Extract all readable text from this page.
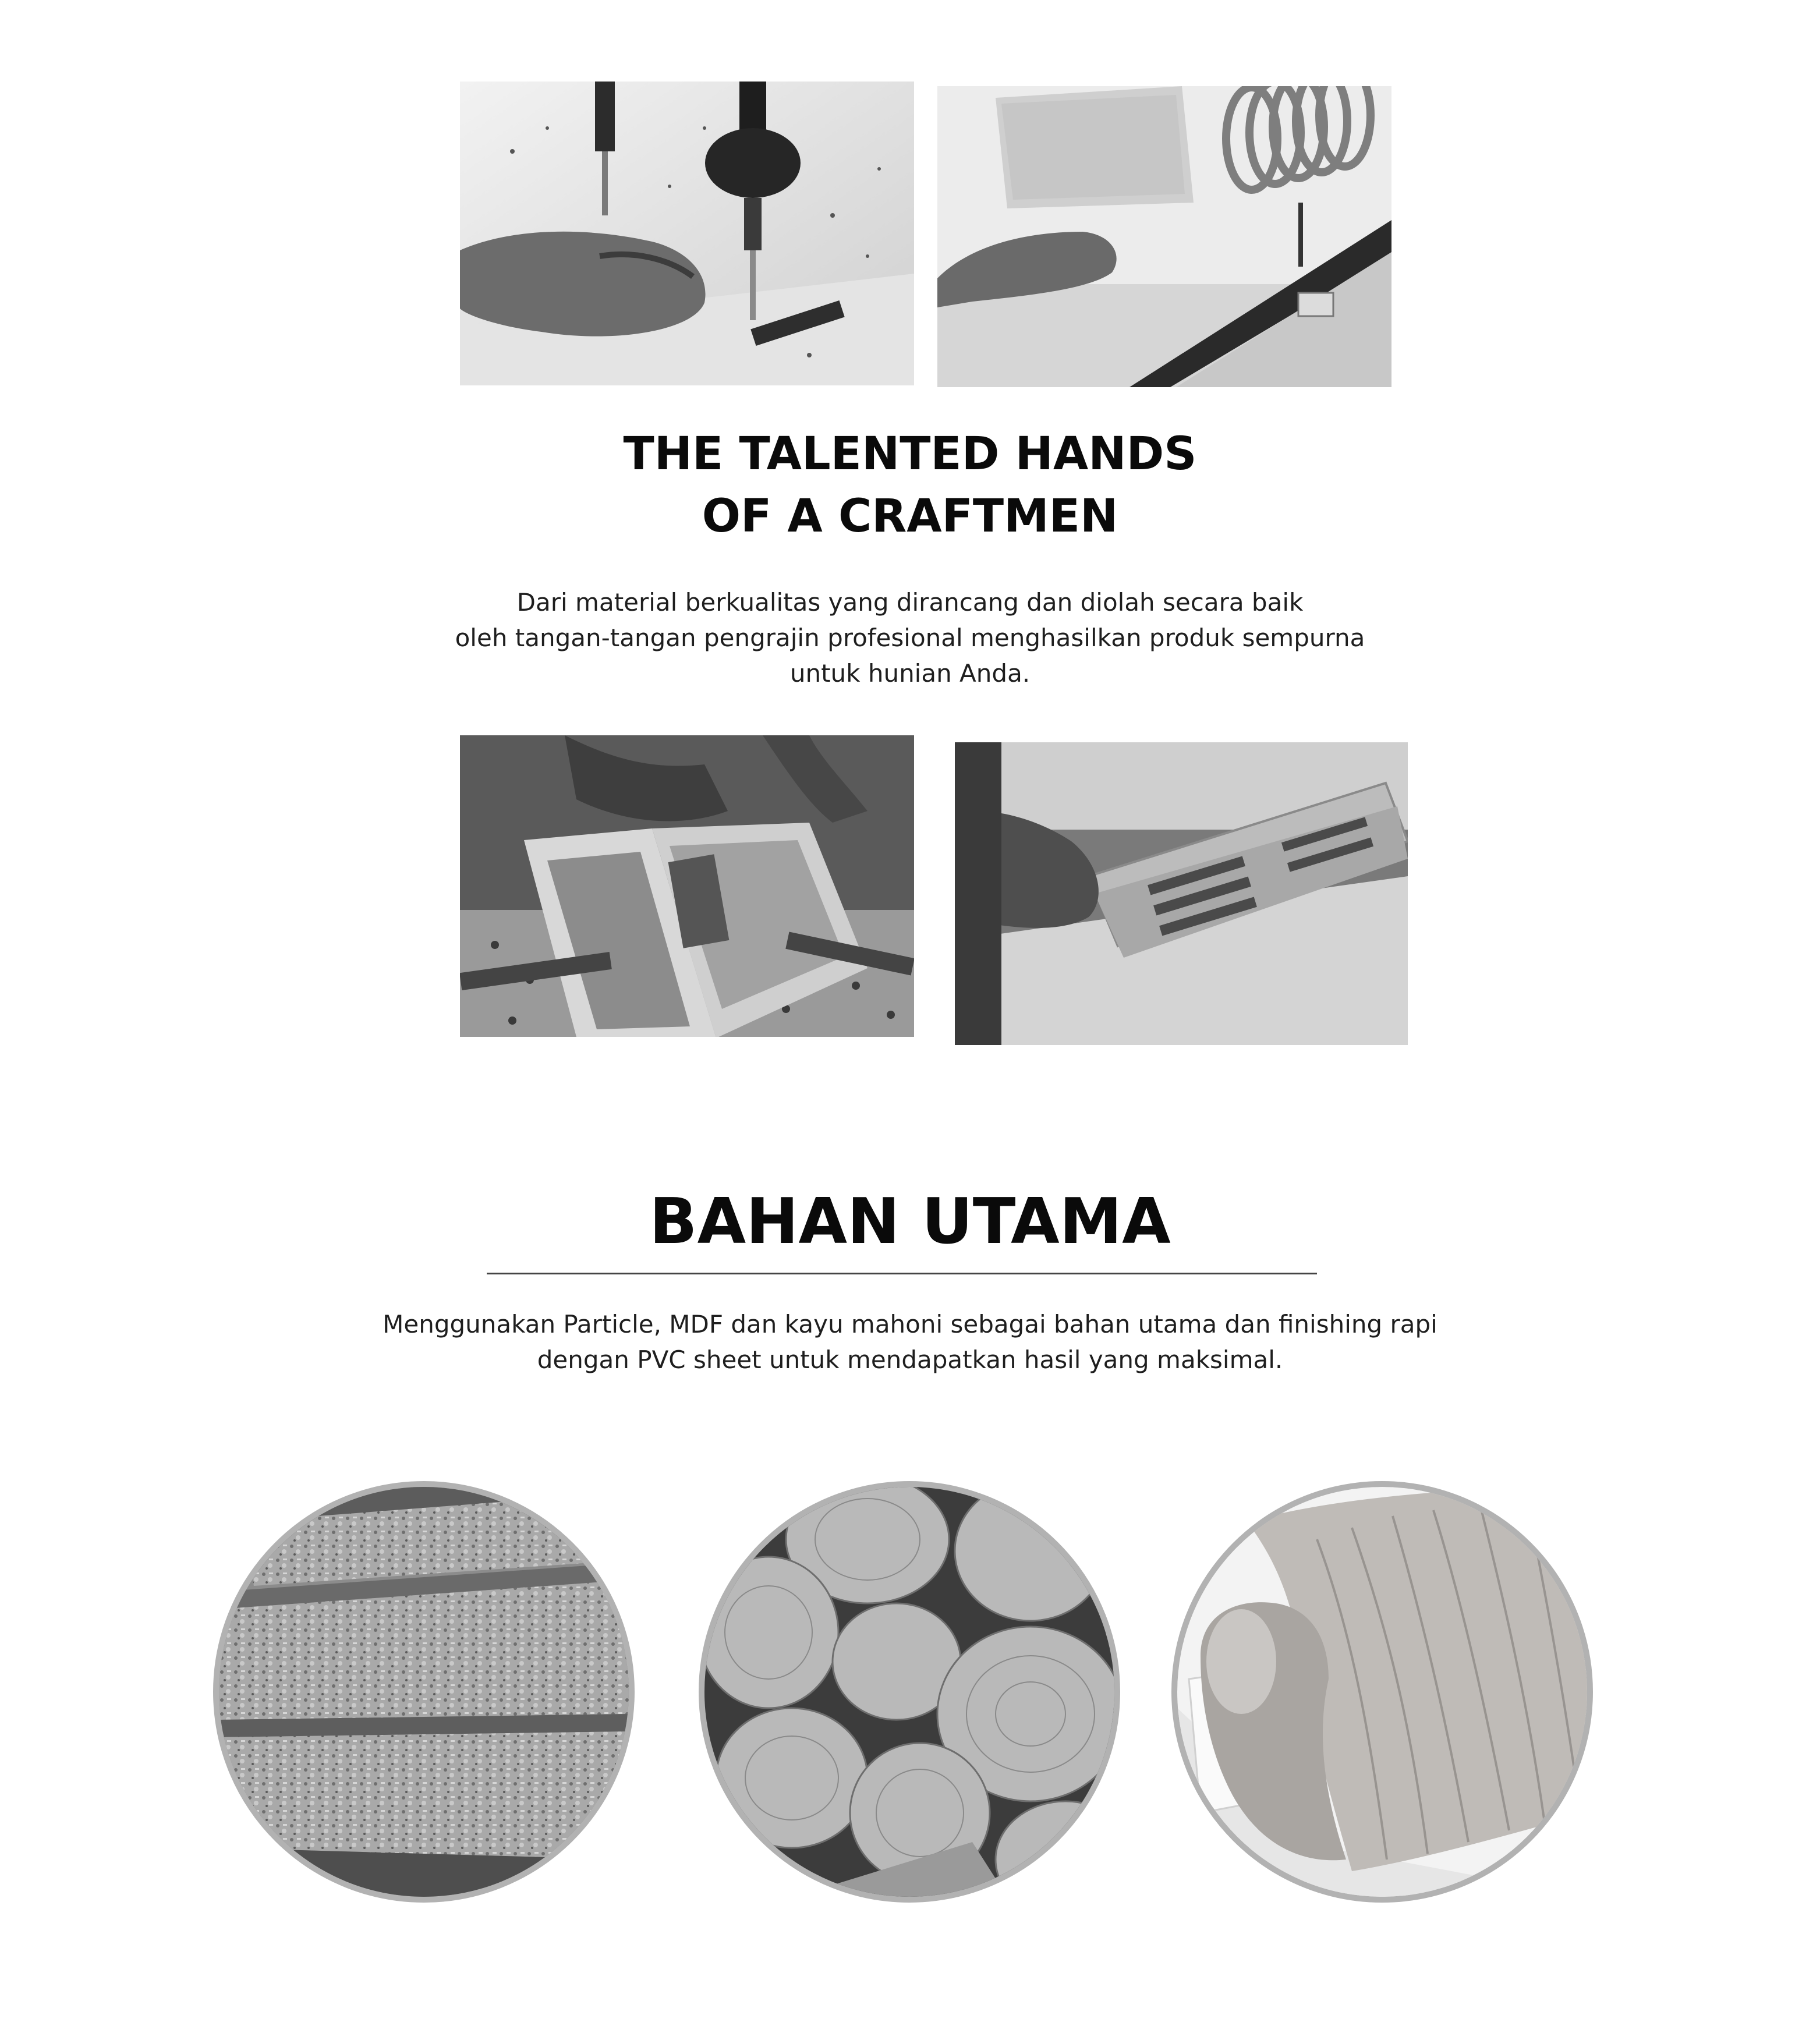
THE TALENTED HANDS
OF A CRAFTMEN

Dari material berkualitas yang dirancang dan diolah secara baik

oleh tangan-tangan pengrajin profesional menghasilkan produk sempurna

untuk hunian Anda.

BAHAN UTAMA

Menggunakan Particle, MDF dan kayu mahoni sebagai bahan utama dan finishing rapi

dengan PVC sheet untuk mendapatkan hasil yang maksimal.
